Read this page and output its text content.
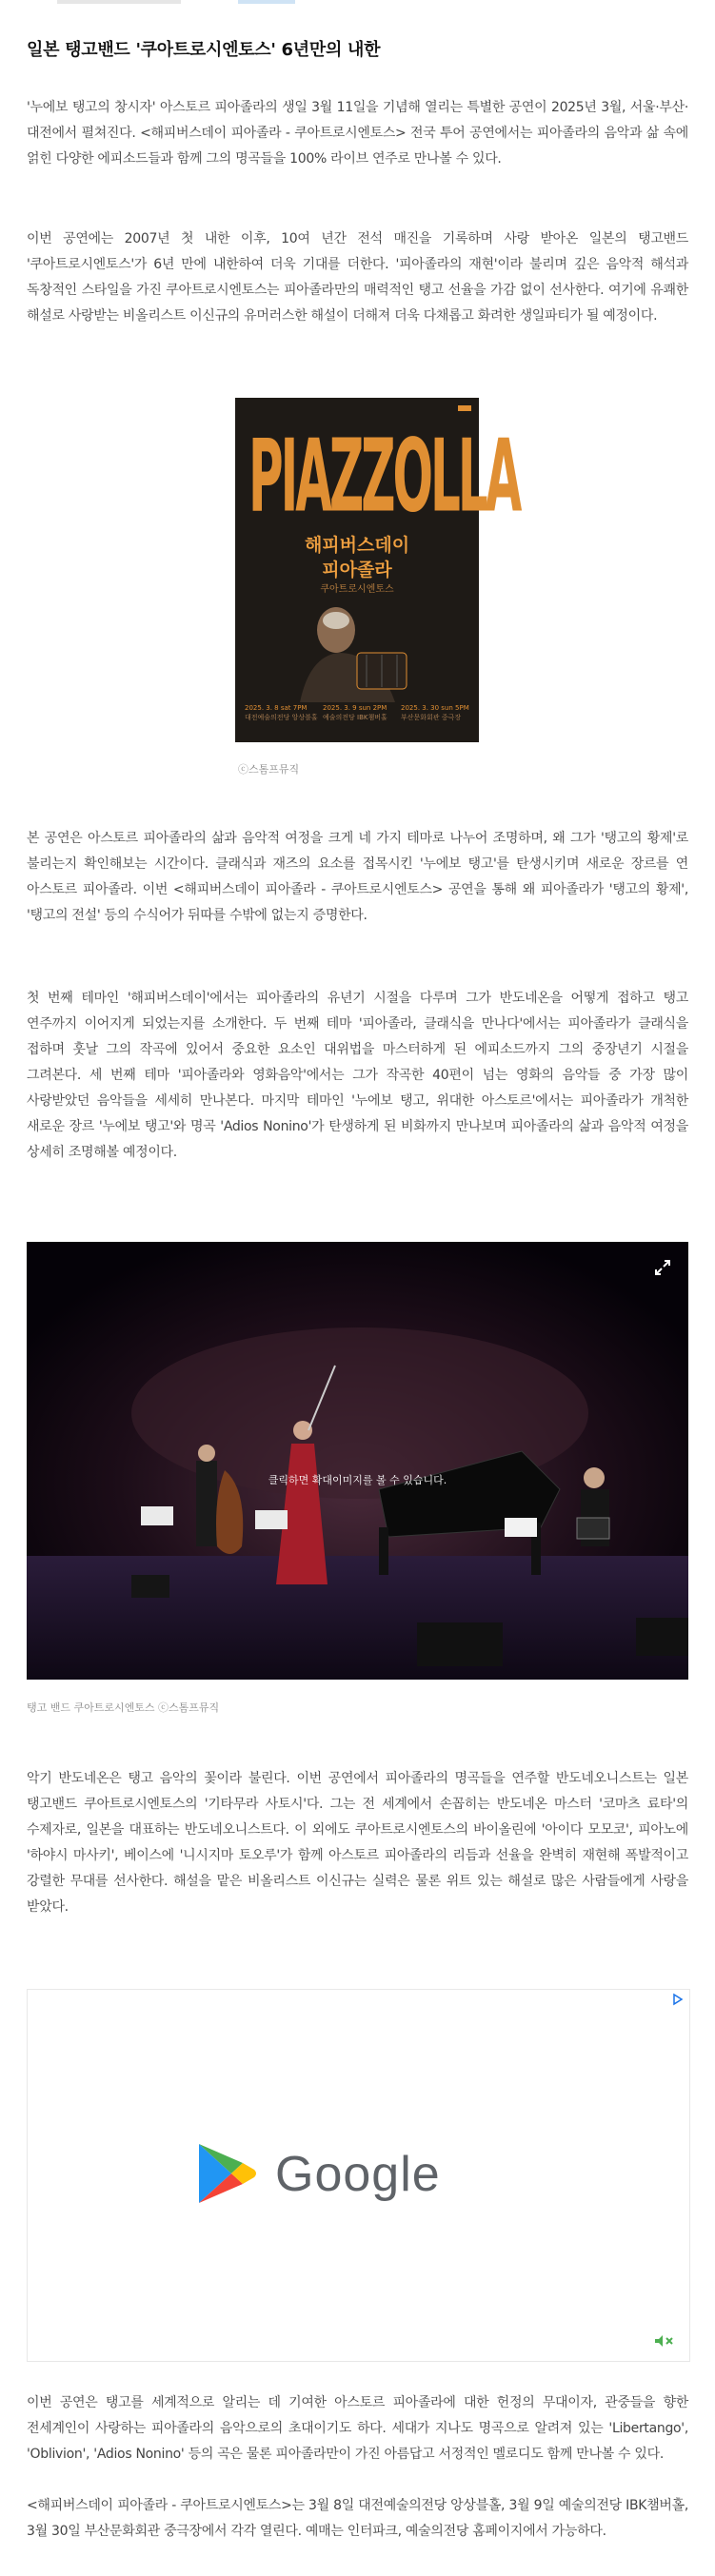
일본 탱고밴드 '쿠아트로시엔토스' 6년만의 내한

'누에보 탱고의 창시자' 아스토르 피아졸라의 생일 3월 11일을 기념해 열리는 특별한 공연이 2025년 3월, 서울·부산·대전에서 펼쳐진다. <해피버스데이 피아졸라 - 쿠아트로시엔토스> 전국 투어 공연에서는 피아졸라의 음악과 삶 속에 얽힌 다양한 에피소드들과 함께 그의 명곡들을 100% 라이브 연주로 만나볼 수 있다.

이번 공연에는 2007년 첫 내한 이후, 10여 년간 전석 매진을 기록하며 사랑 받아온 일본의 탱고밴드 '쿠아트로시엔토스'가 6년 만에 내한하여 더욱 기대를 더한다. '피아졸라의 재현'이라 불리며 깊은 음악적 해석과 독창적인 스타일을 가진 쿠아트로시엔토스는 피아졸라만의 매력적인 탱고 선율을 가감 없이 선사한다. 여기에 유쾌한 해설로 사랑받는 비올리스트 이신규의 유머러스한 해설이 더해져 더욱 다채롭고 화려한 생일파티가 될 예정이다.

PIAZZOLLA
해피버스데이
피아졸라
쿠아트로시엔토스
2025. 3. 8 sat 7PM
대전예술의전당 앙상블홀
2025. 3. 9 sun 2PM
예술의전당 IBK챔버홀
2025. 3. 30 sun 5PM
부산문화회관 중극장
ⓒ스톰프뮤직

본 공연은 아스토르 피아졸라의 삶과 음악적 여정을 크게 네 가지 테마로 나누어 조명하며, 왜 그가 '탱고의 황제'로 불리는지 확인해보는 시간이다. 클래식과 재즈의 요소를 접목시킨 '누에보 탱고'를 탄생시키며 새로운 장르를 연 아스토르 피아졸라. 이번 <해피버스데이 피아졸라 - 쿠아트로시엔토스> 공연을 통해 왜 피아졸라가 '탱고의 황제', '탱고의 전설' 등의 수식어가 뒤따를 수밖에 없는지 증명한다.

첫 번째 테마인 '해피버스데이'에서는 피아졸라의 유년기 시절을 다루며 그가 반도네온을 어떻게 접하고 탱고 연주까지 이어지게 되었는지를 소개한다. 두 번째 테마 '피아졸라, 클래식을 만나다'에서는 피아졸라가 클래식을 접하며 훗날 그의 작곡에 있어서 중요한 요소인 대위법을 마스터하게 된 에피소드까지 그의 중장년기 시절을 그려본다. 세 번째 테마 '피아졸라와 영화음악'에서는 그가 작곡한 40편이 넘는 영화의 음악들 중 가장 많이 사랑받았던 음악들을 세세히 만나본다. 마지막 테마인 '누에보 탱고, 위대한 아스토르'에서는 피아졸라가 개척한 새로운 장르 '누에보 탱고'와 명곡 'Adios Nonino'가 탄생하게 된 비화까지 만나보며 피아졸라의 삶과 음악적 여정을 상세히 조명해볼 예정이다.

클릭하면 확대이미지를 볼 수 있습니다.
탱고 밴드 쿠아트로시엔토스 ⓒ스톰프뮤직

악기 반도네온은 탱고 음악의 꽃이라 불린다. 이번 공연에서 피아졸라의 명곡들을 연주할 반도네오니스트는 일본 탱고밴드 쿠아트로시엔토스의 '기타무라 사토시'다. 그는 전 세계에서 손꼽히는 반도네온 마스터 '코마츠 료타'의 수제자로, 일본을 대표하는 반도네오니스트다. 이 외에도 쿠아트로시엔토스의 바이올린에 '아이다 모모코', 피아노에 '하야시 마사키', 베이스에 '니시지마 토오루'가 함께 아스토르 피아졸라의 리듬과 선율을 완벽히 재현해 폭발적이고 강렬한 무대를 선사한다. 해설을 맡은 비올리스트 이신규는 실력은 물론 위트 있는 해설로 많은 사람들에게 사랑을 받았다.

Google

이번 공연은 탱고를 세계적으로 알리는 데 기여한 아스토르 피아졸라에 대한 헌정의 무대이자, 관중들을 향한 전세계인이 사랑하는 피아졸라의 음악으로의 초대이기도 하다. 세대가 지나도 명곡으로 알려져 있는 'Libertango', 'Oblivion', 'Adios Nonino' 등의 곡은 물론 피아졸라만이 가진 아름답고 서정적인 멜로디도 함께 만나볼 수 있다.

<해피버스데이 피아졸라 - 쿠아트로시엔토스>는 3월 8일 대전예술의전당 앙상블홀, 3월 9일 예술의전당 IBK챔버홀, 3월 30일 부산문화회관 중극장에서 각각 열린다. 예매는 인터파크, 예술의전당 홈페이지에서 가능하다.
